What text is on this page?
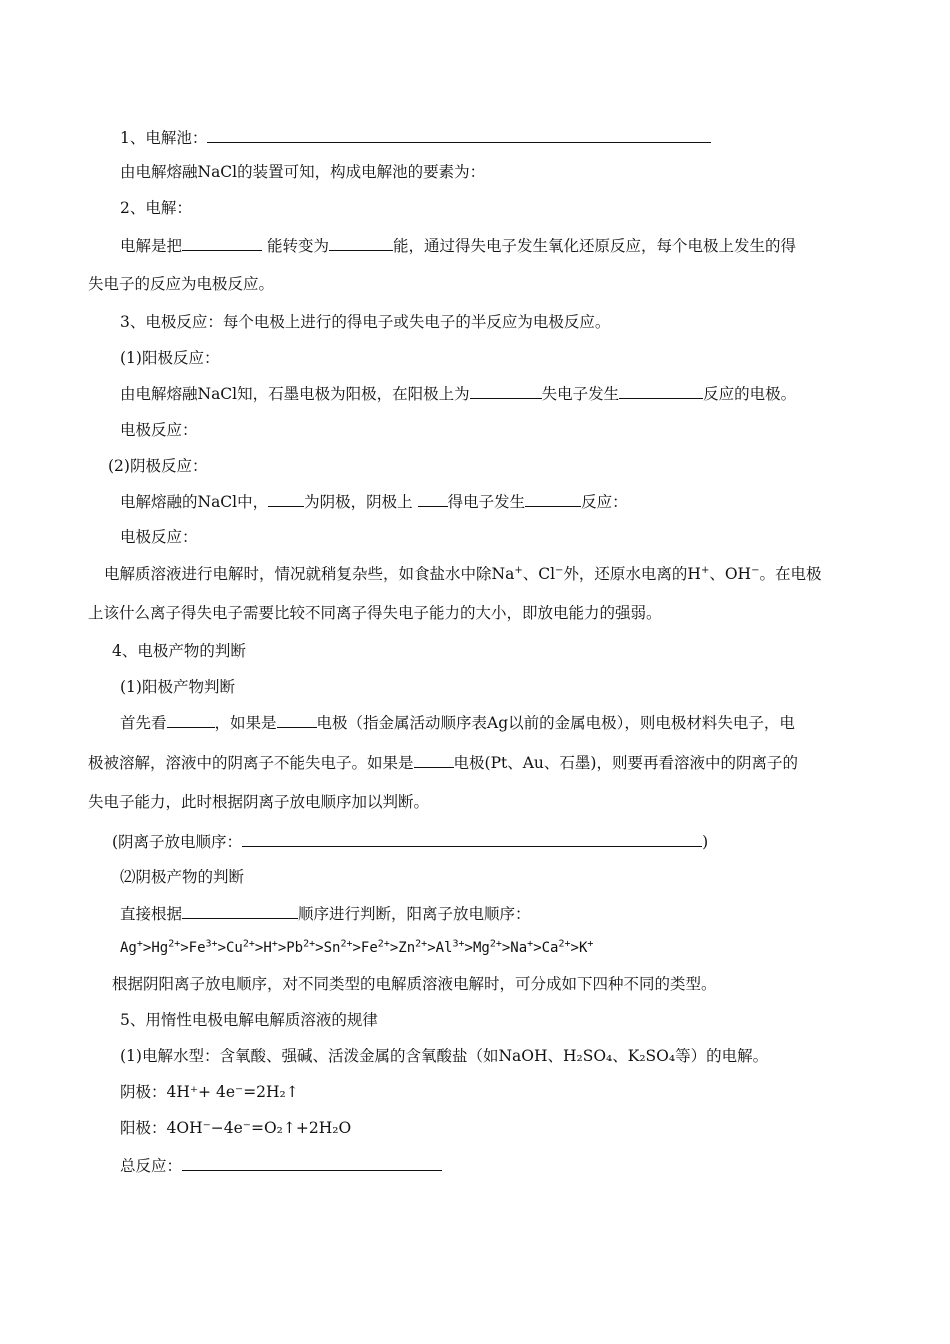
1、电解池：
由电解熔融NaCl的装置可知，构成电解池的要素为：
2、电解：
电解是把	能转变为	能，通过得失电子发生氧化还原反应，每个电极上发生的得
失电子的反应为电极反应。
3、电极反应：每个电极上进行的得电子或失电子的半反应为电极反应。
(1)阳极反应：
由电解熔融NaCl知，石墨电极为阳极，在阳极上为	失电子发生	反应的电极。
电极反应：
(2)阴极反应：
电解熔融的NaCl中， 为阴极，阴极上 得电子发生	反应：
电极反应：
电解质溶液进行电解时，情况就稍复杂些，如食盐水中除Na+、Cl−外，还原水电离的H+、OH−。在电极
上该什么离子得失电子需要比较不同离子得失电子能力的大小，即放电能力的强弱。
4、电极产物的判断
(1)阳极产物判断
首先看	，如果是	电极（指金属活动顺序表Ag以前的金属电极），则电极材料失电子，电
极被溶解，溶液中的阴离子不能失电子。如果是	电极(Pt、Au、石墨)，则要再看溶液中的阴离子的
失电子能力，此时根据阴离子放电顺序加以判断。
(阴离子放电顺序：	)
⑵阴极产物的判断
直接根据	顺序进行判断，阳离子放电顺序：
$Ag^+>Hg^{2+}>Fe^{3+}>Cu^{2+}>H^+>Pb^{2+}>Sn^{2+}>Fe^{2+}>Zn^{2+}>Al^{3+}>Mg^{2+}>Na^+>Ca^{2+}>K^+$
根据阴阳离子放电顺序，对不同类型的电解质溶液电解时，可分成如下四种不同的类型。
5、用惰性电极电解电解质溶液的规律
(1)电解水型：含氧酸、强碱、活泼金属的含氧酸盐（如NaOH、H₂SO₄、K₂SO₄等）的电解。
阴极：4H⁺+ 4e⁻=2H₂↑
阳极：4OH⁻−4e⁻=O₂↑+2H₂O
总反应：
